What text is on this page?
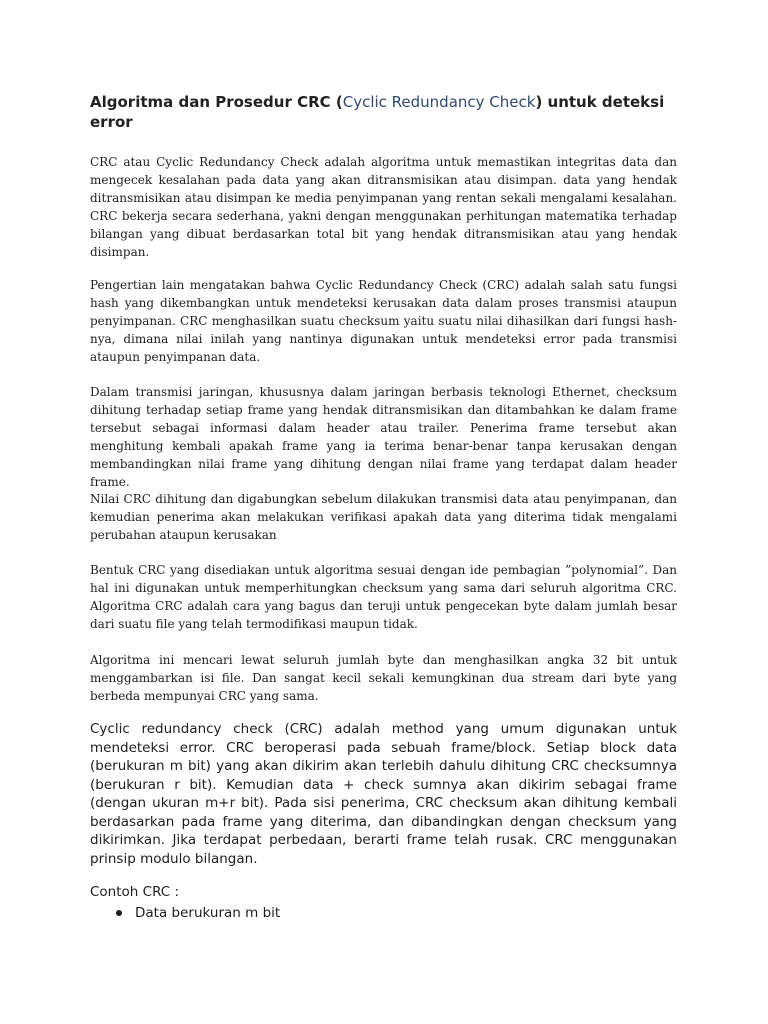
Algoritma dan Prosedur CRC (Cyclic Redundancy Check) untuk deteksi error

CRC atau Cyclic Redundancy Check adalah algoritma untuk memastikan integritas data dan mengecek kesalahan pada data yang akan ditransmisikan atau disimpan. data yang hendak ditransmisikan atau disimpan ke media penyimpanan yang rentan sekali mengalami kesalahan. CRC bekerja secara sederhana, yakni dengan menggunakan perhitungan matematika terhadap bilangan yang dibuat berdasarkan total bit yang hendak ditransmisikan atau yang hendak disimpan.

Pengertian lain mengatakan bahwa Cyclic Redundancy Check (CRC) adalah salah satu fungsi hash yang dikembangkan untuk mendeteksi kerusakan data dalam proses transmisi ataupun penyimpanan. CRC menghasilkan suatu checksum yaitu suatu nilai dihasilkan dari fungsi hash-nya, dimana nilai inilah yang nantinya digunakan untuk mendeteksi error pada transmisi ataupun penyimpanan data.

Dalam transmisi jaringan, khususnya dalam jaringan berbasis teknologi Ethernet, checksum dihitung terhadap setiap frame yang hendak ditransmisikan dan ditambahkan ke dalam frame tersebut sebagai informasi dalam header atau trailer. Penerima frame tersebut akan menghitung kembali apakah frame yang ia terima benar-benar tanpa kerusakan dengan membandingkan nilai frame yang dihitung dengan nilai frame yang terdapat dalam header frame.

Nilai CRC dihitung dan digabungkan sebelum dilakukan transmisi data atau penyimpanan, dan kemudian penerima akan melakukan verifikasi apakah data yang diterima tidak mengalami perubahan ataupun kerusakan

Bentuk CRC yang disediakan untuk algoritma sesuai dengan ide pembagian ”polynomial”. Dan hal ini digunakan untuk memperhitungkan checksum yang sama dari seluruh algoritma CRC. Algoritma CRC adalah cara yang bagus dan teruji untuk pengecekan byte dalam jumlah besar dari suatu file yang telah termodifikasi maupun tidak.

Algoritma ini mencari lewat seluruh jumlah byte dan menghasilkan angka 32 bit untuk menggambarkan isi file. Dan sangat kecil sekali kemungkinan dua stream dari byte yang berbeda mempunyai CRC yang sama.

Cyclic redundancy check (CRC) adalah method yang umum digunakan untuk mendeteksi error. CRC beroperasi pada sebuah frame/block. Setiap block data (berukuran m bit) yang akan dikirim akan terlebih dahulu dihitung CRC checksumnya (berukuran r bit). Kemudian data + check sumnya akan dikirim sebagai frame (dengan ukuran m+r bit). Pada sisi penerima, CRC checksum akan dihitung kembali berdasarkan pada frame yang diterima, dan dibandingkan dengan checksum yang dikirimkan. Jika terdapat perbedaan, berarti frame telah rusak. CRC menggunakan prinsip modulo bilangan.

Contoh CRC :

Data berukuran m bit
